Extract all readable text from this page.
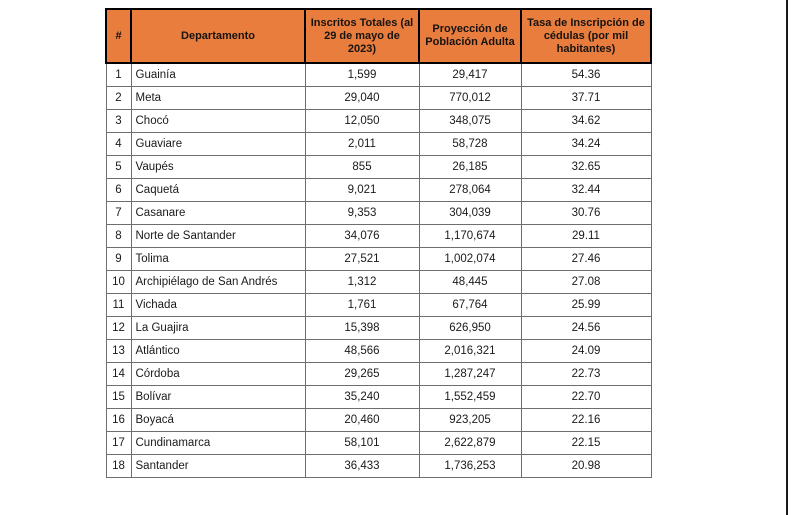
#	Departamento	Inscritos Totales (al 29 de mayo de 2023)	Proyección de Población Adulta	Tasa de Inscripción de cédulas (por mil habitantes)
1	Guainía	1,599	29,417	54.36
2	Meta	29,040	770,012	37.71
3	Chocó	12,050	348,075	34.62
4	Guaviare	2,011	58,728	34.24
5	Vaupés	855	26,185	32.65
6	Caquetá	9,021	278,064	32.44
7	Casanare	9,353	304,039	30.76
8	Norte de Santander	34,076	1,170,674	29.11
9	Tolima	27,521	1,002,074	27.46
10	Archipiélago de San Andrés	1,312	48,445	27.08
11	Vichada	1,761	67,764	25.99
12	La Guajira	15,398	626,950	24.56
13	Atlántico	48,566	2,016,321	24.09
14	Córdoba	29,265	1,287,247	22.73
15	Bolívar	35,240	1,552,459	22.70
16	Boyacá	20,460	923,205	22.16
17	Cundinamarca	58,101	2,622,879	22.15
18	Santander	36,433	1,736,253	20.98
